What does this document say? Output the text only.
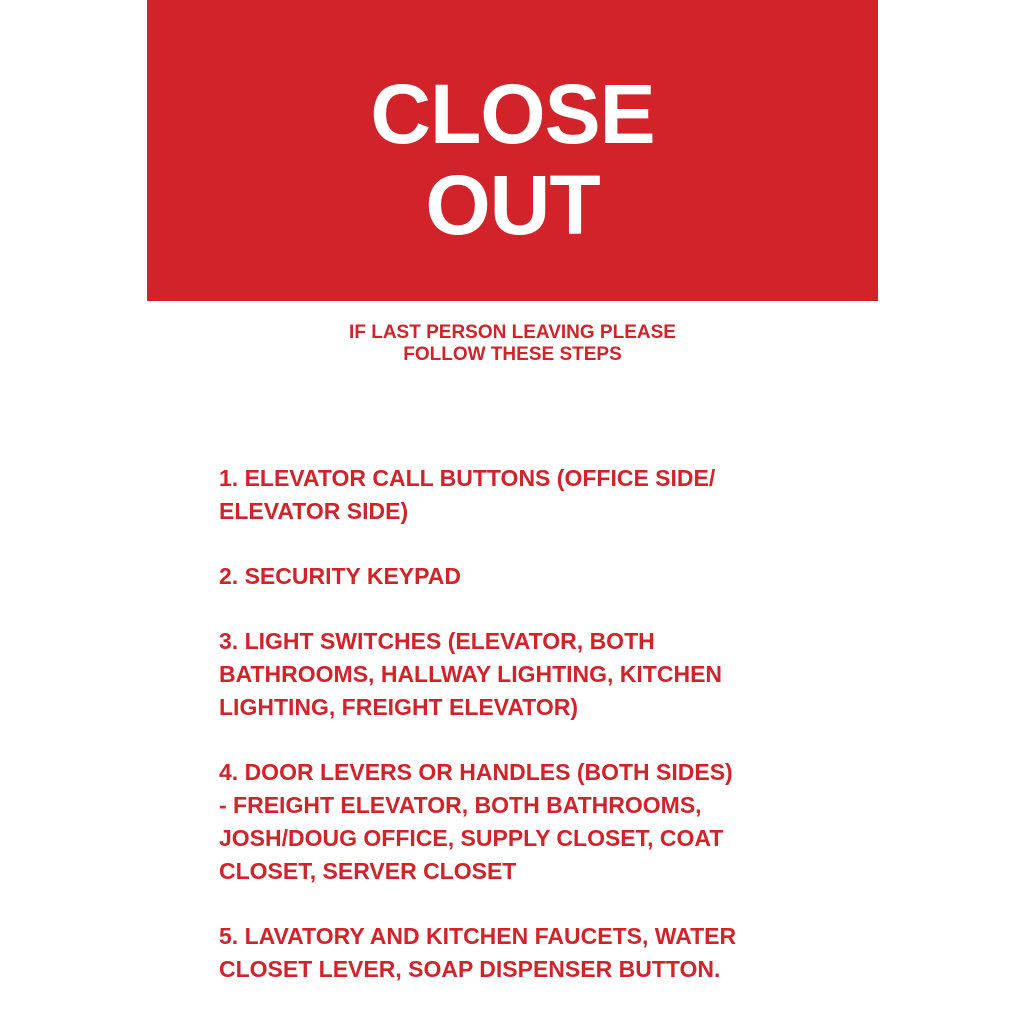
CLOSE
OUT
IF LAST PERSON LEAVING PLEASE
FOLLOW THESE STEPS
1. ELEVATOR CALL BUTTONS (OFFICE SIDE/
ELEVATOR SIDE)
2. SECURITY KEYPAD
3. LIGHT SWITCHES (ELEVATOR, BOTH
BATHROOMS, HALLWAY LIGHTING, KITCHEN
LIGHTING, FREIGHT ELEVATOR)
4. DOOR LEVERS OR HANDLES (BOTH SIDES)
- FREIGHT ELEVATOR, BOTH BATHROOMS,
JOSH/DOUG OFFICE, SUPPLY CLOSET, COAT
CLOSET, SERVER CLOSET
5. LAVATORY AND KITCHEN FAUCETS, WATER
CLOSET LEVER, SOAP DISPENSER BUTTON.
